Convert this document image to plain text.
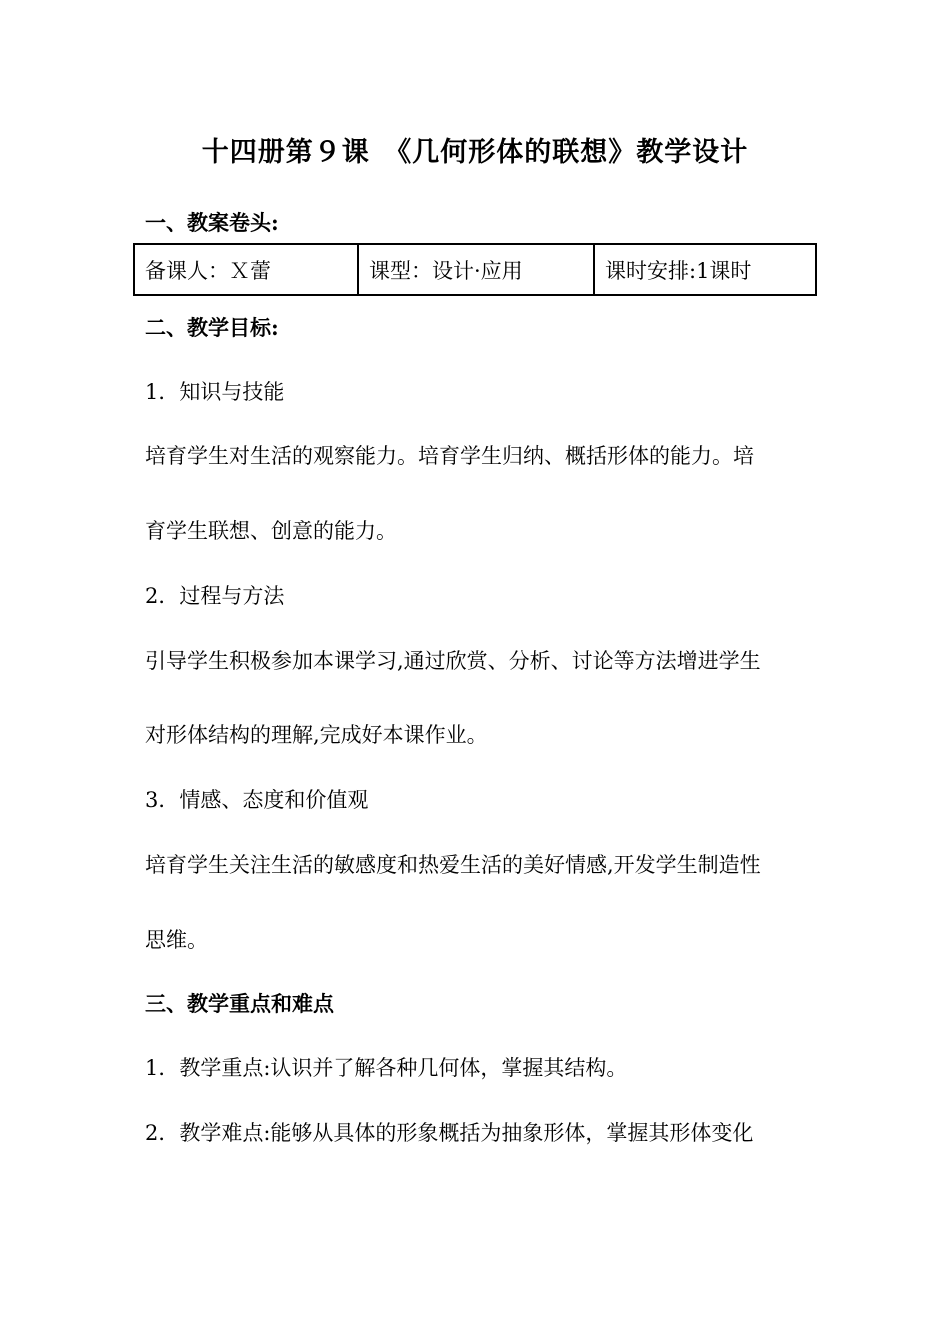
十四册第９课　《几何形体的联想》教学设计
一、教案卷头:
备课人：Ｘ蕾	课型：设计·应用	课时安排:1课时
二、教学目标:
1．知识与技能
培育学生对生活的观察能力。培育学生归纳、概括形体的能力。培
育学生联想、创意的能力。
2．过程与方法
引导学生积极参加本课学习,通过欣赏、分析、讨论等方法增进学生
对形体结构的理解,完成好本课作业。
3．情感、态度和价值观
培育学生关注生活的敏感度和热爱生活的美好情感,开发学生制造性
思维。
三、教学重点和难点
1．教学重点:认识并了解各种几何体，掌握其结构。
2．教学难点:能够从具体的形象概括为抽象形体，掌握其形体变化
